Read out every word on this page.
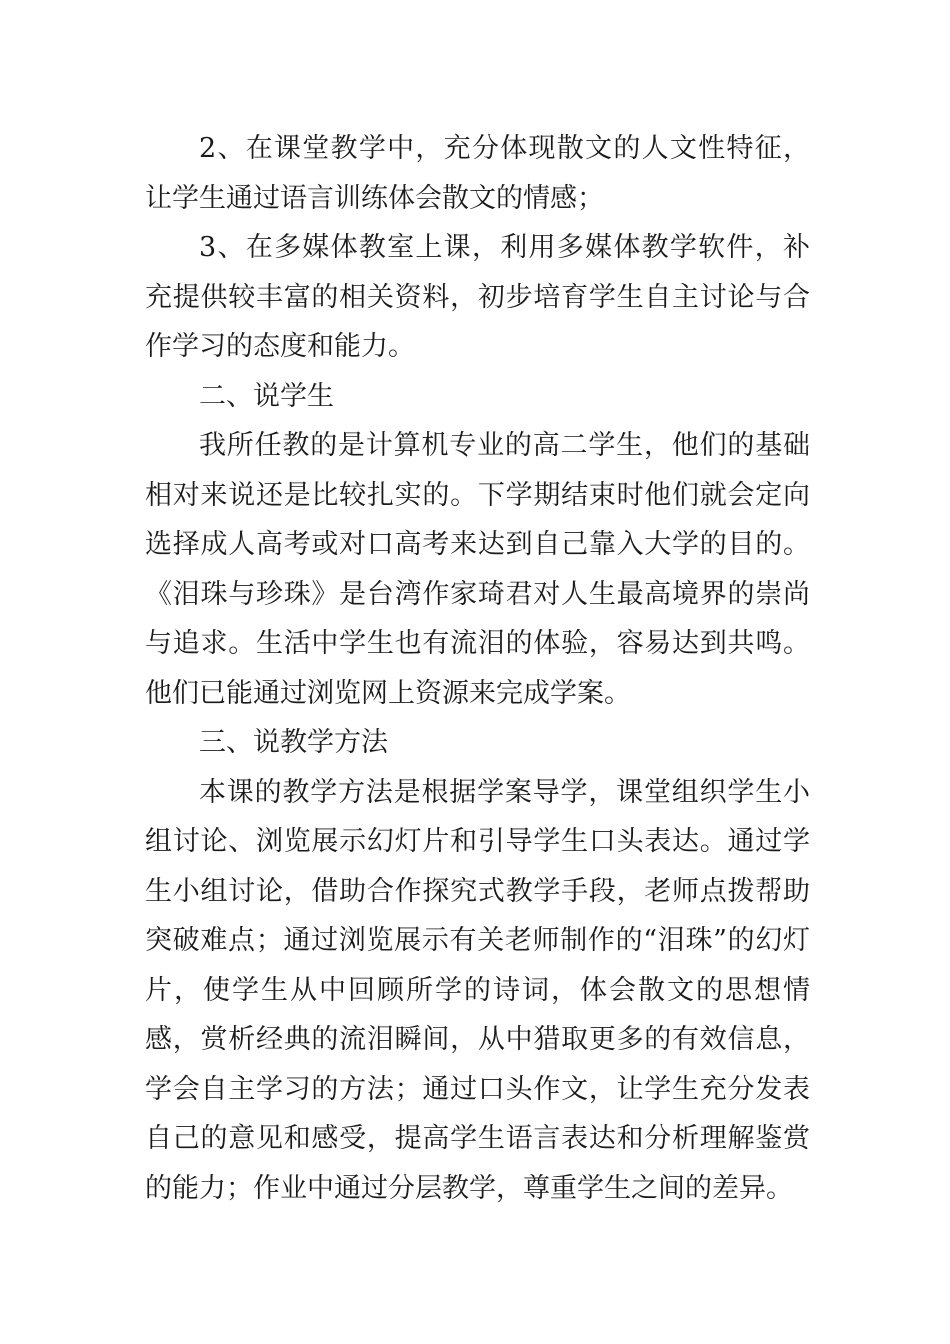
2、在课堂教学中，充分体现散文的人文性特征，让学生通过语言训练体会散文的情感；

3、在多媒体教室上课，利用多媒体教学软件，补充提供较丰富的相关资料，初步培育学生自主讨论与合作学习的态度和能力。

二、说学生

我所任教的是计算机专业的高二学生，他们的基础相对来说还是比较扎实的。下学期结束时他们就会定向选择成人高考或对口高考来达到自己靠入大学的目的。《泪珠与珍珠》是台湾作家琦君对人生最高境界的崇尚与追求。生活中学生也有流泪的体验，容易达到共鸣。他们已能通过浏览网上资源来完成学案。

三、说教学方法

本课的教学方法是根据学案导学，课堂组织学生小组讨论、浏览展示幻灯片和引导学生口头表达。通过学生小组讨论，借助合作探究式教学手段，老师点拨帮助突破难点；通过浏览展示有关老师制作的“泪珠”的幻灯片，使学生从中回顾所学的诗词，体会散文的思想情感，赏析经典的流泪瞬间，从中猎取更多的有效信息，学会自主学习的方法；通过口头作文，让学生充分发表自己的意见和感受，提高学生语言表达和分析理解鉴赏的能力；作业中通过分层教学，尊重学生之间的差异。
